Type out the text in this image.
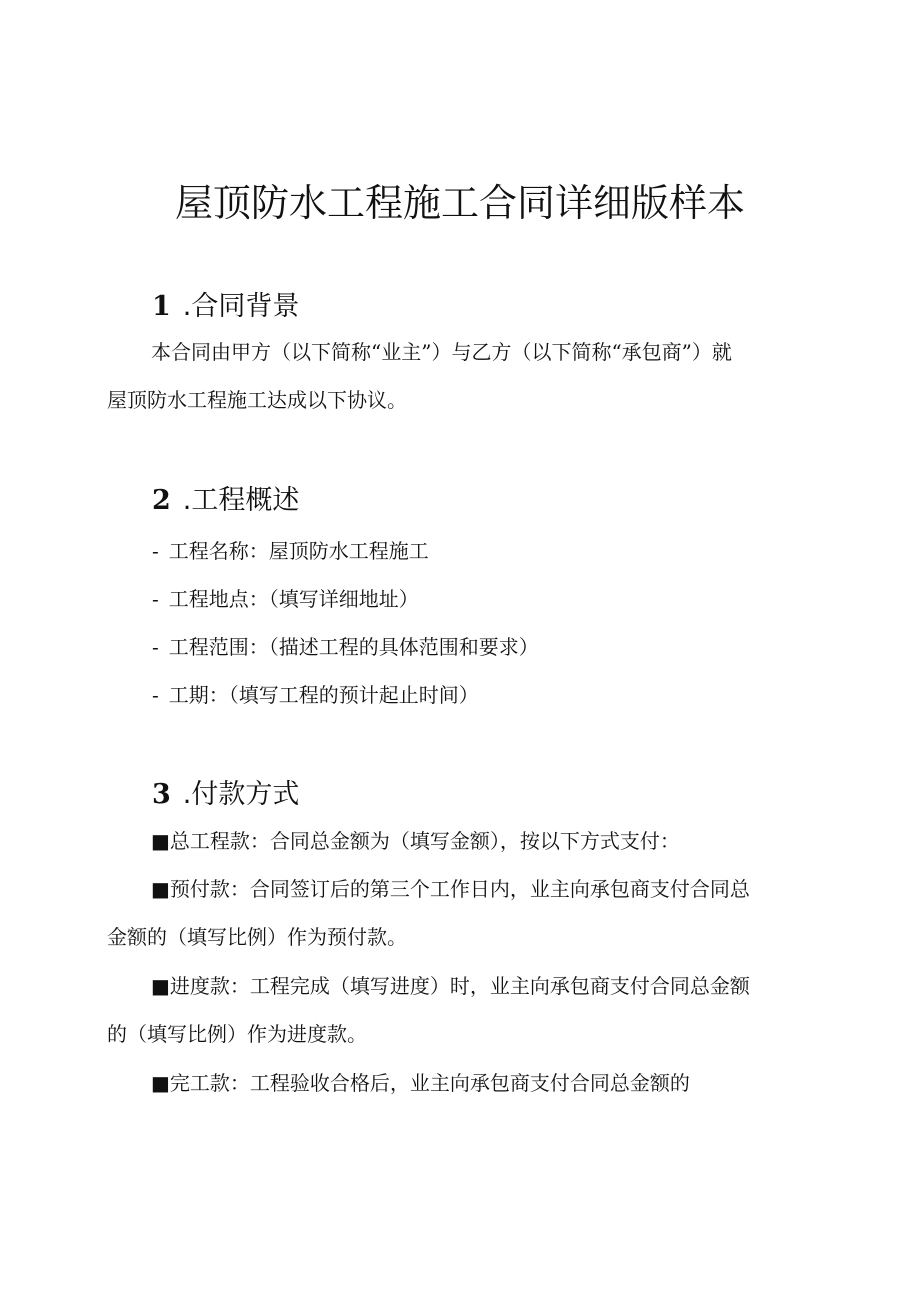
屋顶防水工程施工合同详细版样本
1 .合同背景

本合同由甲方（以下简称“业主”）与乙方（以下简称“承包商”）就
屋顶防水工程施工达成以下协议。

2 .工程概述

- 工程名称：屋顶防水工程施工

- 工程地点：（填写详细地址）

- 工程范围：（描述工程的具体范围和要求）

- 工期：（填写工程的预计起止时间）

3 .付款方式

■总工程款：合同总金额为（填写金额），按以下方式支付：

■预付款：合同签订后的第三个工作日内，业主向承包商支付合同总
金额的（填写比例）作为预付款。

■进度款：工程完成（填写进度）时，业主向承包商支付合同总金额
的（填写比例）作为进度款。

■完工款：工程验收合格后，业主向承包商支付合同总金额的
